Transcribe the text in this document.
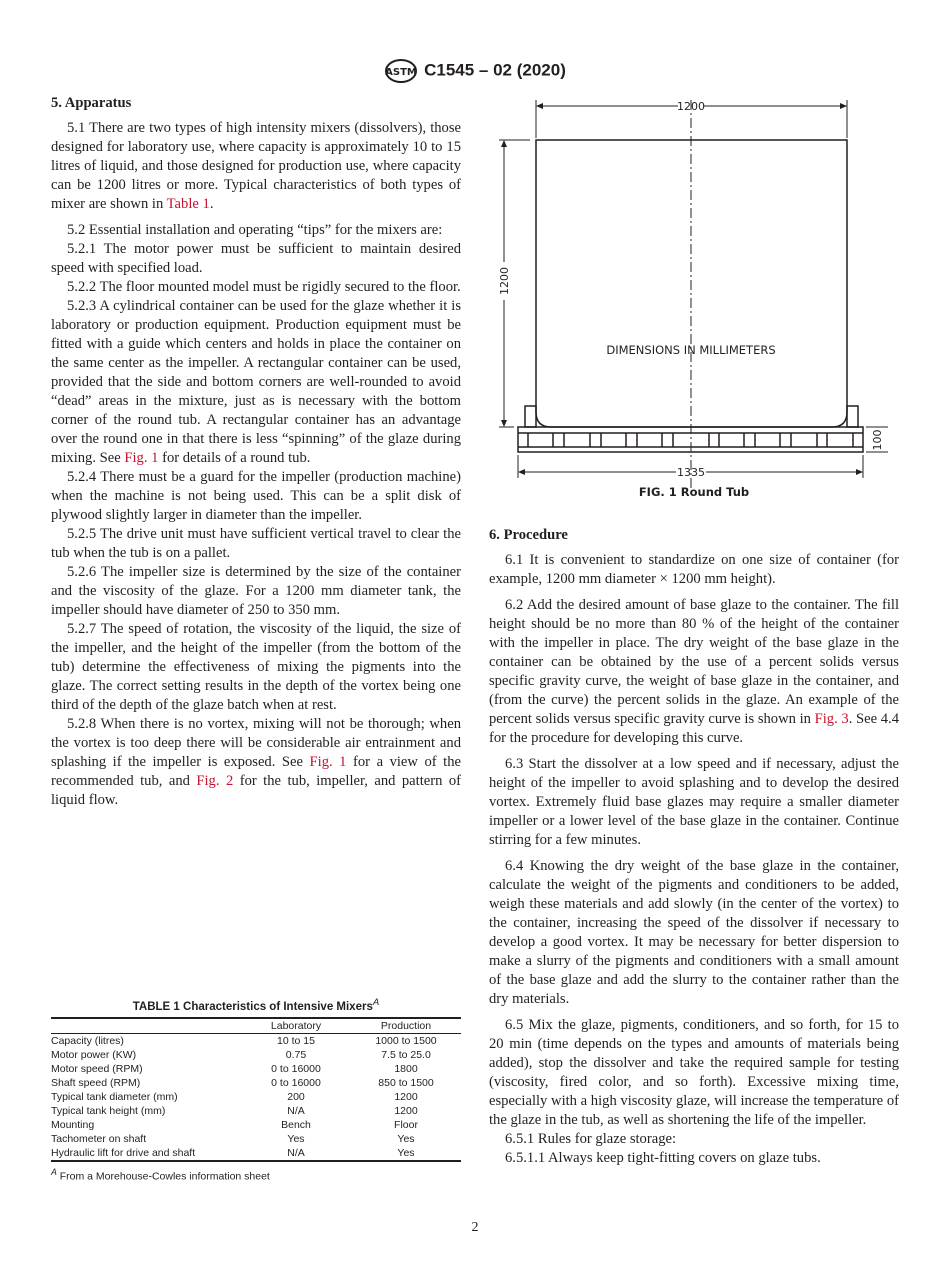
ASTM C1545 – 02 (2020)
5. Apparatus

5.1 There are two types of high intensity mixers (dissolvers), those designed for laboratory use, where capacity is approximately 10 to 15 litres of liquid, and those designed for production use, where capacity can be 1200 litres or more. Typical characteristics of both types of mixer are shown in Table 1.

5.2 Essential installation and operating “tips” for the mixers are:

5.2.1 The motor power must be sufficient to maintain desired speed with specified load.

5.2.2 The floor mounted model must be rigidly secured to the floor.

5.2.3 A cylindrical container can be used for the glaze whether it is laboratory or production equipment. Production equipment must be fitted with a guide which centers and holds in place the container on the same center as the impeller. A rectangular container can be used, provided that the side and bottom corners are well-rounded to avoid “dead” areas in the mixture, just as is necessary with the bottom corner of the round tub. A rectangular container has an advantage over the round one in that there is less “spinning” of the glaze during mixing. See Fig. 1 for details of a round tub.

5.2.4 There must be a guard for the impeller (production machine) when the machine is not being used. This can be a split disk of plywood slightly larger in diameter than the impeller.

5.2.5 The drive unit must have sufficient vertical travel to clear the tub when the tub is on a pallet.

5.2.6 The impeller size is determined by the size of the container and the viscosity of the glaze. For a 1200 mm diameter tank, the impeller should have diameter of 250 to 350 mm.

5.2.7 The speed of rotation, the viscosity of the liquid, the size of the impeller, and the height of the impeller (from the bottom of the tub) determine the effectiveness of mixing the pigments into the glaze. The correct setting results in the depth of the vortex being one third of the depth of the glaze batch when at rest.

5.2.8 When there is no vortex, mixing will not be thorough; when the vortex is too deep there will be considerable air entrainment and splashing if the impeller is exposed. See Fig. 1 for a view of the recommended tub, and Fig. 2 for the tub, impeller, and pattern of liquid flow.

TABLE 1 Characteristics of Intensive Mixers$^A$
	Laboratory	Production
Capacity (litres)	10 to 15	1000 to 1500
Motor power (KW)	0.75	7.5 to 25.0
Motor speed (RPM)	0 to 16000	1800
Shaft speed (RPM)	0 to 16000	850 to 1500
Typical tank diameter (mm)	200	1200
Typical tank height (mm)	N/A	1200
Mounting	Bench	Floor
Tachometer on shaft	Yes	Yes
Hydraulic lift for drive and shaft	N/A	Yes
$^A$ From a Morehouse-Cowles information sheet
1200
1200
1335
100
DIMENSIONS IN MILLIMETERS
FIG. 1 Round Tub
6. Procedure

6.1 It is convenient to standardize on one size of container (for example, 1200 mm diameter × 1200 mm height).

6.2 Add the desired amount of base glaze to the container. The fill height should be no more than 80 % of the height of the container with the impeller in place. The dry weight of the base glaze in the container can be obtained by the use of a percent solids versus specific gravity curve, the weight of base glaze in the container, and (from the curve) the percent solids in the glaze. An example of the percent solids versus specific gravity curve is shown in Fig. 3. See 4.4 for the procedure for developing this curve.

6.3 Start the dissolver at a low speed and if necessary, adjust the height of the impeller to avoid splashing and to develop the desired vortex. Extremely fluid base glazes may require a smaller diameter impeller or a lower level of the base glaze in the container. Continue stirring for a few minutes.

6.4 Knowing the dry weight of the base glaze in the container, calculate the weight of the pigments and conditioners to be added, weigh these materials and add slowly (in the center of the vortex) to the container, increasing the speed of the dissolver if necessary to develop a good vortex. It may be necessary for better dispersion to make a slurry of the pigments and conditioners with a small amount of the base glaze and add the slurry to the container rather than the dry materials.

6.5 Mix the glaze, pigments, conditioners, and so forth, for 15 to 20 min (time depends on the types and amounts of materials being added), stop the dissolver and take the required sample for testing (viscosity, fired color, and so forth). Excessive mixing time, especially with a high viscosity glaze, will increase the temperature of the glaze in the tub, as well as shortening the life of the impeller.

6.5.1 Rules for glaze storage:

6.5.1.1 Always keep tight-fitting covers on glaze tubs.

2
